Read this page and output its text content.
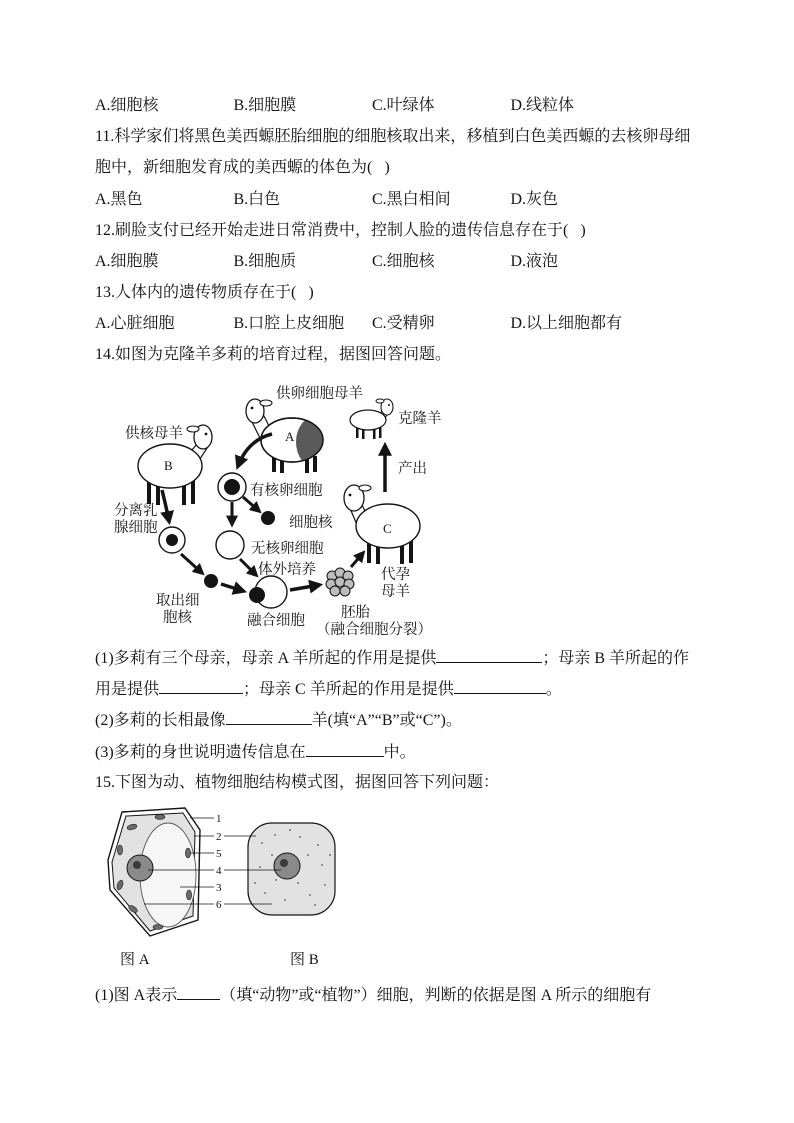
A.细胞核	B.细胞膜	C.叶绿体	D.线粒体
11.科学家们将黑色美西螈胚胎细胞的细胞核取出来，移植到白色美西螈的去核卵母细
胞中，新细胞发育成的美西螈的体色为(   )
A.黑色	B.白色	C.黑白相间	D.灰色
12.刷脸支付已经开始走进日常消费中，控制人脸的遗传信息存在于(   )
A.细胞膜	B.细胞质	C.细胞核	D.液泡
13.人体内的遗传物质存在于(   )
A.心脏细胞	B.口腔上皮细胞	C.受精卵	D.以上细胞都有
14.如图为克隆羊多莉的培育过程，据图回答问题。
A
B
C
供卵细胞母羊
克隆羊
供核母羊
产出
有核卵细胞
分离乳
腺细胞	细胞核
无核卵细胞
体外培养	代孕
母羊
取出细
胞核	融合细胞 胚胎
（融合细胞分裂）
(1)多莉有三个母亲，母亲 A 羊所起的作用是提供	；母亲 B 羊所起的作
用是提供	；母亲 C 羊所起的作用是提供	。
(2)多莉的长相最像	羊(填“A”“B”或“C”)。
(3)多莉的身世说明遗传信息在	中。
15.下图为动、植物细胞结构模式图，据图回答下列问题：
1
2
5
4
3
6
图 A	图 B
(1)图 A表示	（填“动物”或“植物”）细胞，判断的依据是图 A 所示的细胞有
